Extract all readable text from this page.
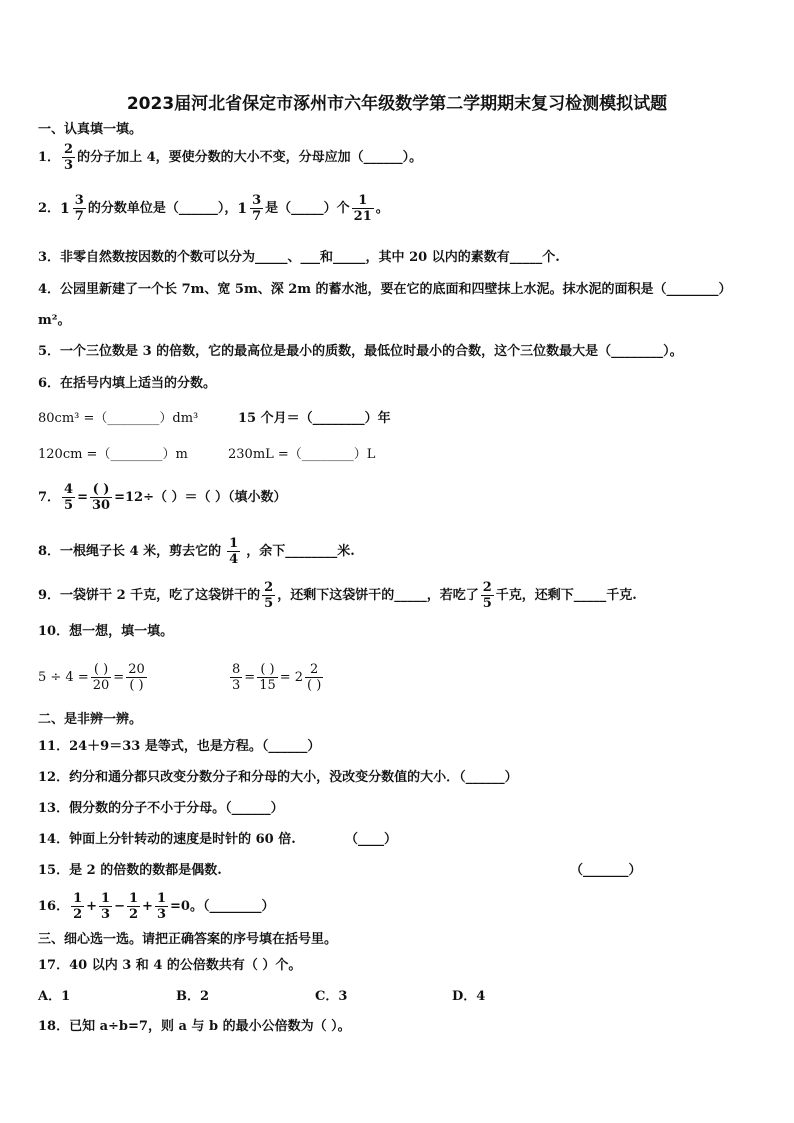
2023届河北省保定市涿州市六年级数学第二学期期末复习检测模拟试题
一、认真填一填。
1． $\frac{2}{3}$ 的分子加上 4，要使分数的大小不变，分母应加（______）。
2． $1 \frac{3}{7}$ 的分数单位是（______）， $1 \frac{3}{7}$ 是（_____）个 $\frac{1}{21}$ 。
3．非零自然数按因数的个数可以分为_____、___和_____，其中 20 以内的素数有_____个.
4．公园里新建了一个长 7m、宽 5m、深 2m 的蓄水池，要在它的底面和四壁抹上水泥。抹水泥的面积是（________）
m²。
5．一个三位数是 3 的倍数，它的最高位是最小的质数，最低位时最小的合数，这个三位数最大是（________）。
6．在括号内填上适当的分数。
80cm³ =（________）dm³	15 个月＝（________）年
120cm =（________）m	230mL =（________）L
7． $\frac{4}{5} = \frac{( )}{30} =12\div$（ ）＝（ ）（填小数）
8．一根绳子长 4 米，剪去它的 $\frac{1}{4}$ ，余下________米.
9．一袋饼干 2 千克，吃了这袋饼干的 $\frac{2}{5}$ ，还剩下这袋饼干的_____，若吃了 $\frac{2}{5}$ 千克，还剩下_____千克.
10．想一想，填一填。
$5 \div 4 = \frac{( )}{20} = \frac{20}{( )}$	$\frac{8}{3} = \frac{( )}{15} = 2 \frac{2}{( )}$
二、是非辨一辨。
11．24＋9＝33 是等式，也是方程。（______）
12．约分和通分都只改变分数分子和分母的大小，没改变分数值的大小．（______）
13．假分数的分子不小于分母。（______）
14．钟面上分针转动的速度是时针的 60 倍.	（____）
15．是 2 的倍数的数都是偶数.	（_______）
16． $\frac{1}{2} + \frac{1}{3} - \frac{1}{2} + \frac{1}{3} =0$。（________）
三、细心选一选。请把正确答案的序号填在括号里。
17．40 以内 3 和 4 的公倍数共有（ ）个。
A．1	B．2	C．3	D．4
18．已知 a÷b=7，则 a 与 b 的最小公倍数为（ ）。
